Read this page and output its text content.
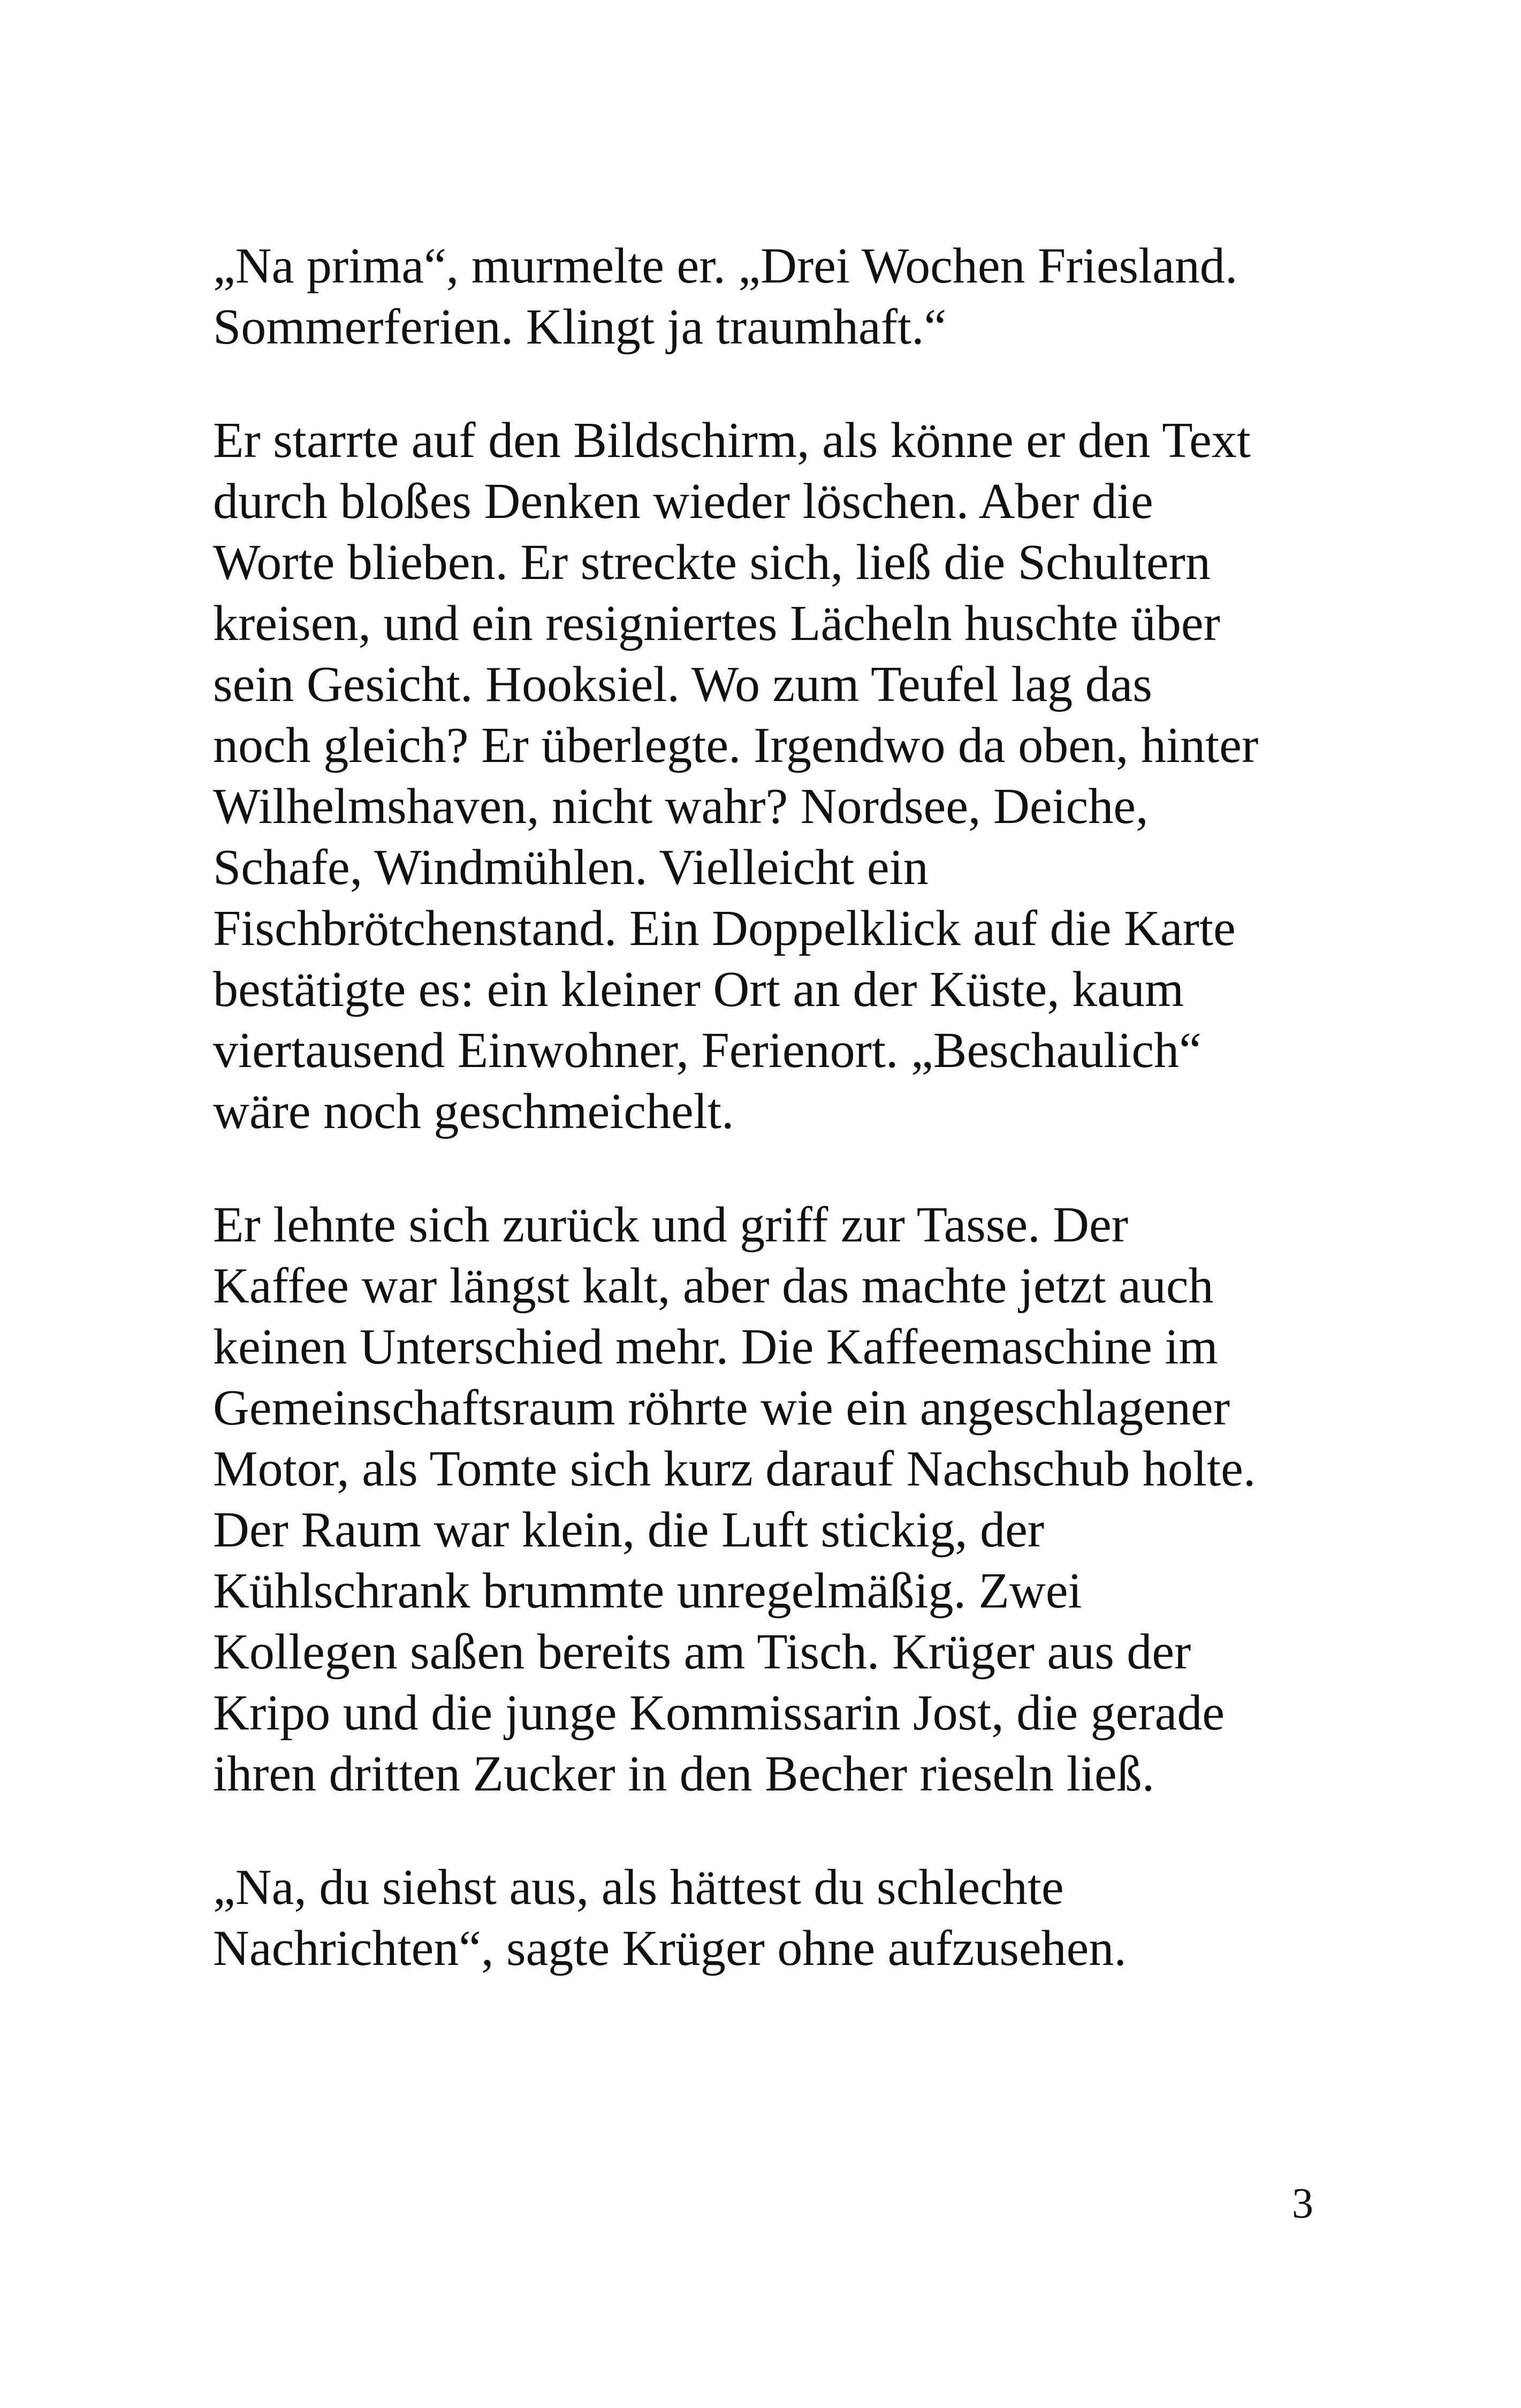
„Na prima“, murmelte er. „Drei Wochen Friesland.
Sommerferien. Klingt ja traumhaft.“

Er starrte auf den Bildschirm, als könne er den Text
durch bloßes Denken wieder löschen. Aber die
Worte blieben. Er streckte sich, ließ die Schultern
kreisen, und ein resigniertes Lächeln huschte über
sein Gesicht. Hooksiel. Wo zum Teufel lag das
noch gleich? Er überlegte. Irgendwo da oben, hinter
Wilhelmshaven, nicht wahr? Nordsee, Deiche,
Schafe, Windmühlen. Vielleicht ein
Fischbrötchenstand. Ein Doppelklick auf die Karte
bestätigte es: ein kleiner Ort an der Küste, kaum
viertausend Einwohner, Ferienort. „Beschaulich“
wäre noch geschmeichelt.

Er lehnte sich zurück und griff zur Tasse. Der
Kaffee war längst kalt, aber das machte jetzt auch
keinen Unterschied mehr. Die Kaffeemaschine im
Gemeinschaftsraum röhrte wie ein angeschlagener
Motor, als Tomte sich kurz darauf Nachschub holte.
Der Raum war klein, die Luft stickig, der
Kühlschrank brummte unregelmäßig. Zwei
Kollegen saßen bereits am Tisch. Krüger aus der
Kripo und die junge Kommissarin Jost, die gerade
ihren dritten Zucker in den Becher rieseln ließ.

„Na, du siehst aus, als hättest du schlechte
Nachrichten“, sagte Krüger ohne aufzusehen.

3
